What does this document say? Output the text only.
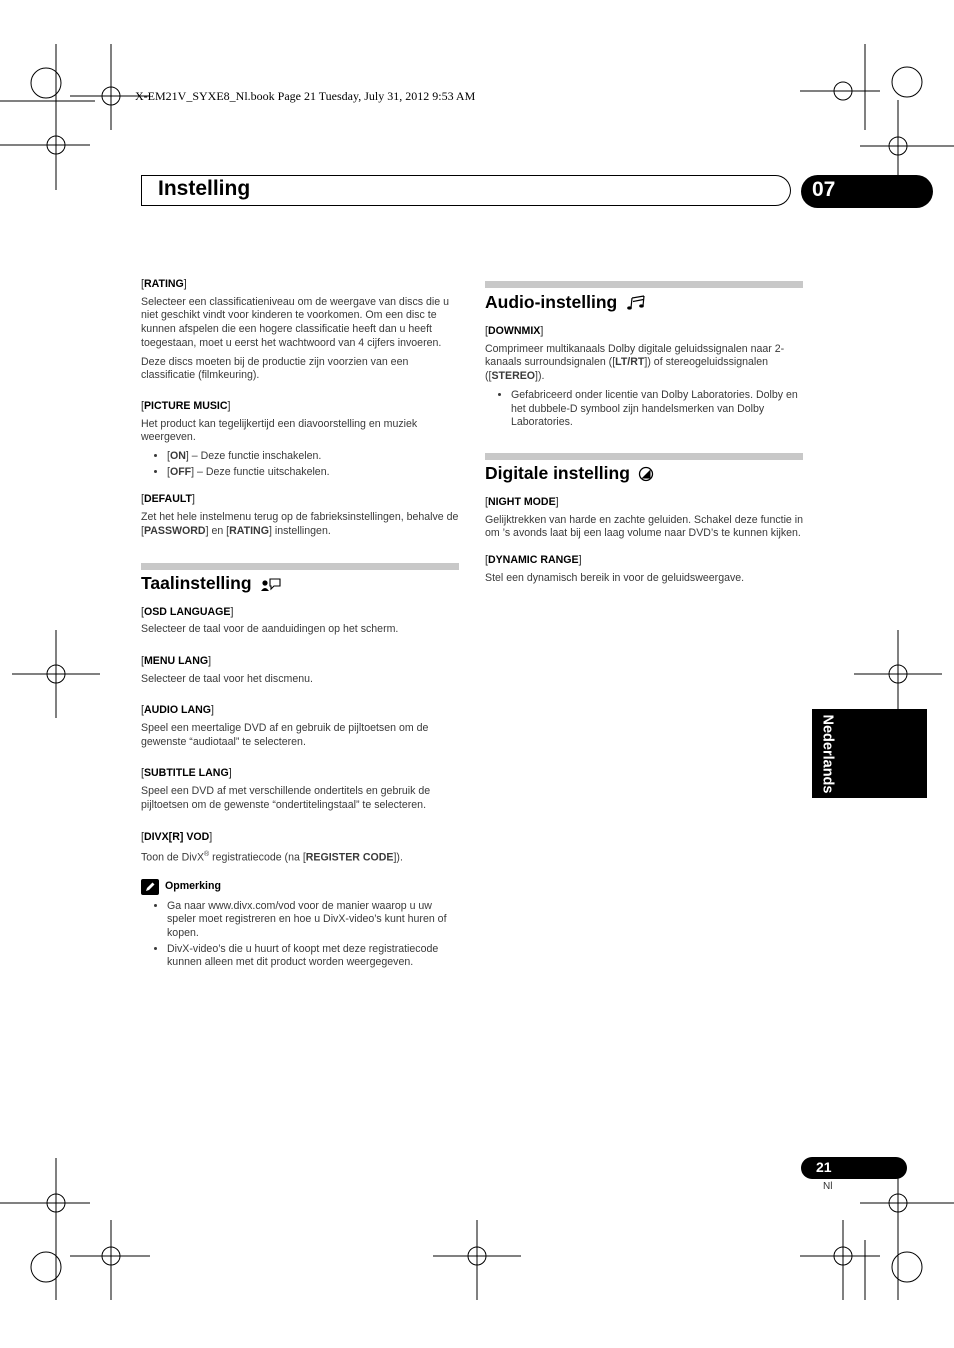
X-EM21V_SYXE8_Nl.book Page 21 Tuesday, July 31, 2012 9:53 AM
Instelling	07
[RATING]

Selecteer een classificatieniveau om de weergave van discs die u niet geschikt vindt voor kinderen te voorkomen. Om een disc te kunnen afspelen die een hogere classificatie heeft dan u heeft toegestaan, moet u eerst het wachtwoord van 4 cijfers invoeren.

Deze discs moeten bij de productie zijn voorzien van een classificatie (filmkeuring).

[PICTURE MUSIC]

Het product kan tegelijkertijd een diavoorstelling en muziek weergeven.

• [ON] – Deze functie inschakelen.
• [OFF] – Deze functie uitschakelen.
[DEFAULT]

Zet het hele instelmenu terug op de fabrieksinstellingen, behalve de [PASSWORD] en [RATING] instellingen.

Taalinstelling
[OSD LANGUAGE]

Selecteer de taal voor de aanduidingen op het scherm.

[MENU LANG]

Selecteer de taal voor het discmenu.

[AUDIO LANG]

Speel een meertalige DVD af en gebruik de pijltoetsen om de gewenste “audiotaal” te selecteren.

[SUBTITLE LANG]

Speel een DVD af met verschillende ondertitels en gebruik de pijltoetsen om de gewenste “ondertitelingstaal” te selecteren.

[DIVX[R] VOD]

Toon de DivX® registratiecode (na [REGISTER CODE]).

Opmerking
• Ga naar www.divx.com/vod voor de manier waarop u uw speler moet registreren en hoe u DivX-video’s kunt huren of kopen.
• DivX-video’s die u huurt of koopt met deze registratiecode kunnen alleen met dit product worden weergegeven.
Audio-instelling
[DOWNMIX]

Comprimeer multikanaals Dolby digitale geluidssignalen naar 2-kanaals surroundsignalen ([LT/RT]) of stereogeluidssignalen ([STEREO]).

• Gefabriceerd onder licentie van Dolby Laboratories. Dolby en het dubbele-D symbool zijn handelsmerken van Dolby Laboratories.
Digitale instelling
[NIGHT MODE]

Gelijktrekken van harde en zachte geluiden. Schakel deze functie in om ’s avonds laat bij een laag volume naar DVD’s te kunnen kijken.

[DYNAMIC RANGE]

Stel een dynamisch bereik in voor de geluidsweergave.

Nederlands
21
Nl
